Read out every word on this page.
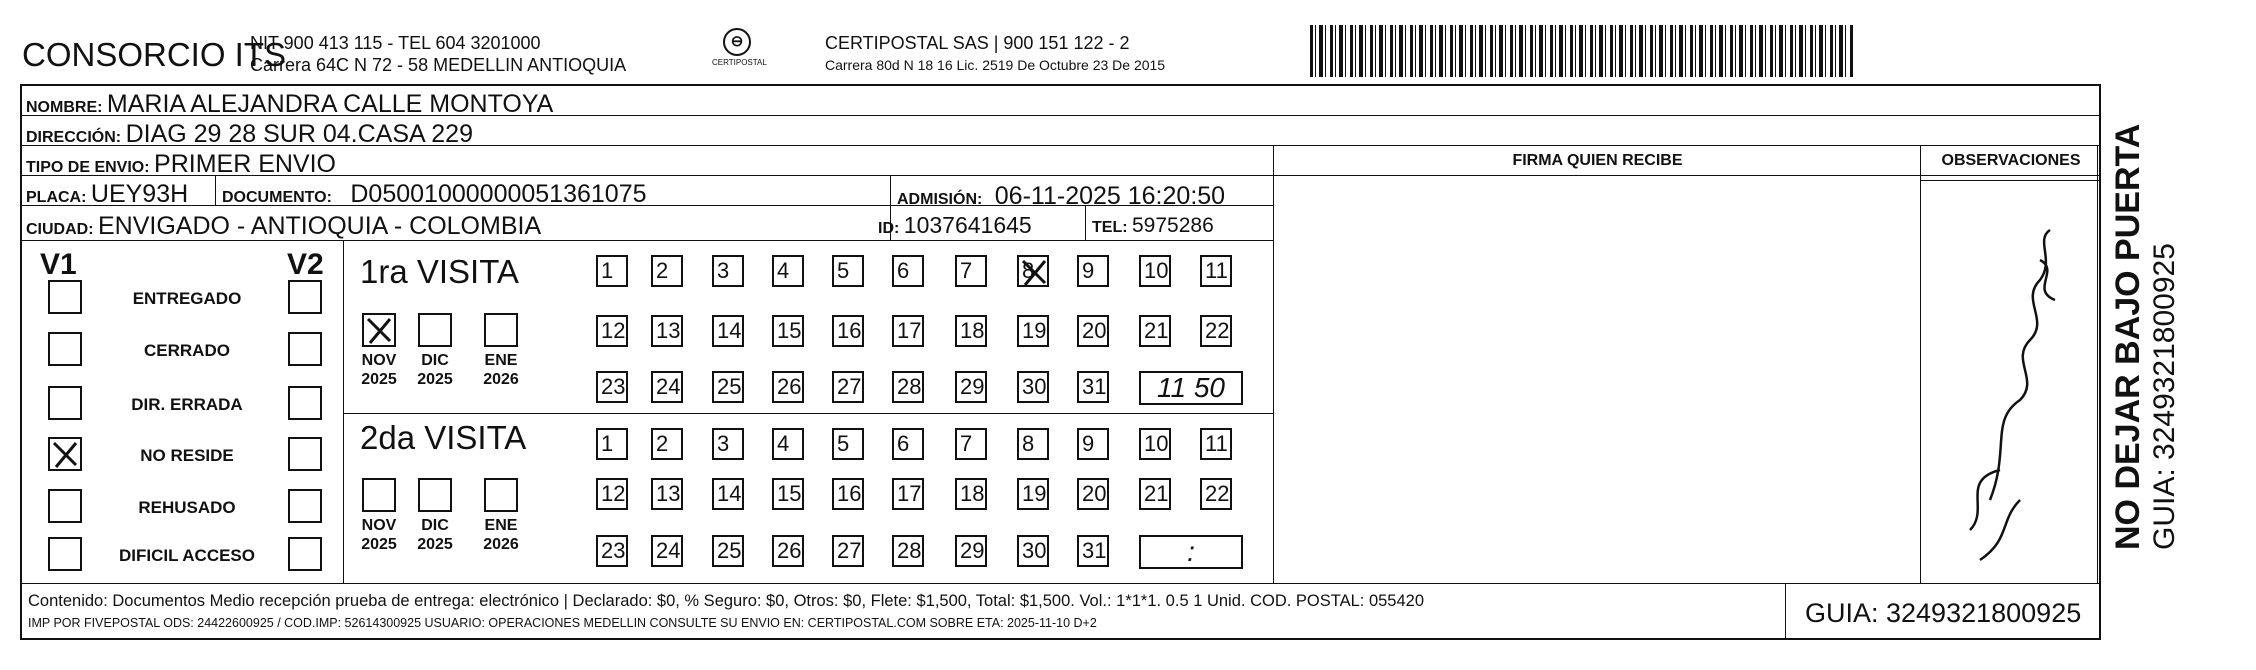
CONSORCIO ITS
NIT 900 413 115 - TEL 604 3201000
Carrera 64C N 72 - 58 MEDELLIN ANTIOQUIA
⊖
CERTIPOSTAL
CERTIPOSTAL SAS | 900 151 122 - 2
Carrera 80d N 18 16 Lic. 2519 De Octubre 23 De 2015
NOMBRE: MARIA ALEJANDRA CALLE MONTOYA
DIRECCIÓN: DIAG 29 28 SUR 04.CASA 229
TIPO DE ENVIO: PRIMER ENVIO	FIRMA QUIEN RECIBE	OBSERVACIONES
PLACA: UEY93H DOCUMENTO: D05001000000051361075	ADMISIÓN: 06-11-2025 16:20:50
CIUDAD: ENVIGADO - ANTIOQUIA - COLOMBIA	ID: 1037641645	TEL: 5975286
V1	V2
ENTREGADO
CERRADO
DIR. ERRADA
NO RESIDE
REHUSADO
DIFICIL ACCESO
1ra VISITA
NOV
2025
DIC
2025
ENE
2026
1	2	3	4	5	6	7	8	9	10 11
12 13 14 15 16 17 18 19 20 21 22
23 24 25 26 27 28 29 30 31	11 50
2da VISITA
NOV
2025
DIC
2025
ENE
2026
1	2	3	4	5	6	7	8	9	10 11
12 13 14 15 16 17 18 19 20 21 22
23 24 25 26 27 28 29 30 31	:
Contenido: Documentos Medio recepción prueba de entrega: electrónico | Declarado: $0, % Seguro: $0, Otros: $0, Flete: $1,500, Total: $1,500. Vol.: 1*1*1. 0.5 1 Unid. COD. POSTAL: 055420
IMP POR FIVEPOSTAL ODS: 24422600925 / COD.IMP: 52614300925 USUARIO: OPERACIONES MEDELLIN CONSULTE SU ENVIO EN: CERTIPOSTAL.COM SOBRE ETA: 2025-11-10 D+2	GUIA: 3249321800925
NO DEJAR BAJO PUERTA GUIA: 3249321800925
